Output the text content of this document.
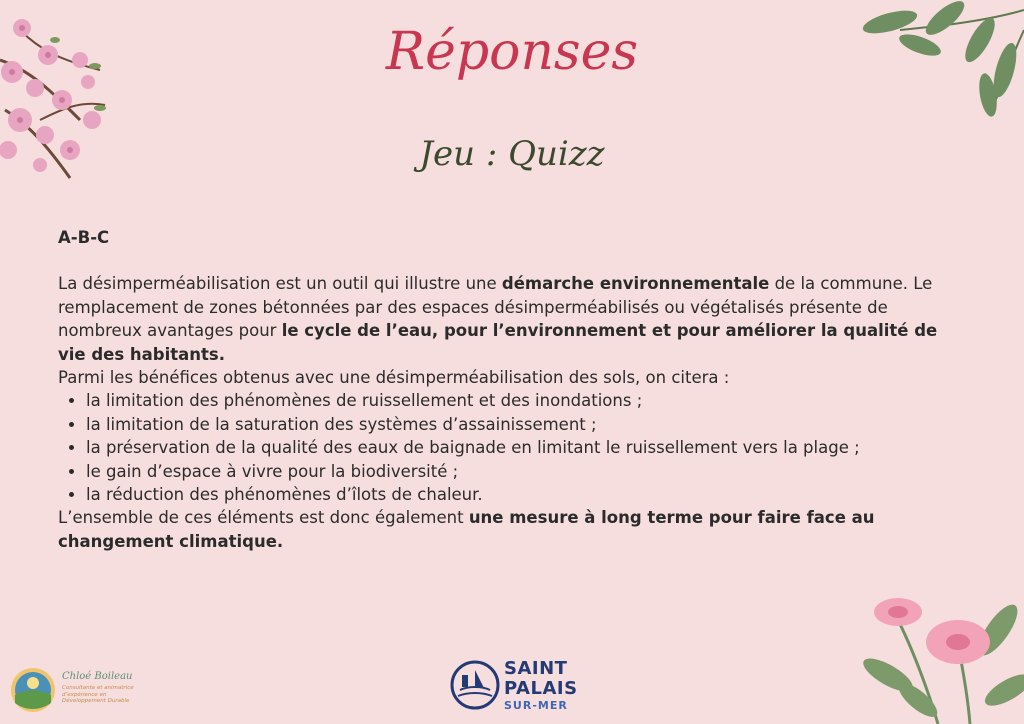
Réponses
Jeu : Quizz

A-B-C

La désimperméabilisation est un outil qui illustre une démarche environnementale de la commune. Le remplacement de zones bétonnées par des espaces désimperméabilisés ou végétalisés présente de nombreux avantages pour le cycle de l’eau, pour l’environnement et pour améliorer la qualité de vie des habitants.

Parmi les bénéfices obtenus avec une désimperméabilisation des sols, on citera :

• la limitation des phénomènes de ruissellement et des inondations ;
• la limitation de la saturation des systèmes d’assainissement ;
• la préservation de la qualité des eaux de baignade en limitant le ruissellement vers la plage ;
• le gain d’espace à vivre pour la biodiversité ;
• la réduction des phénomènes d’îlots de chaleur.

L’ensemble de ces éléments est donc également une mesure à long terme pour faire face au changement climatique.

Chloé Boileau
Consultante et animatrice d’expérience en Développement Durable
SAINT
PALAIS
SUR-MER
